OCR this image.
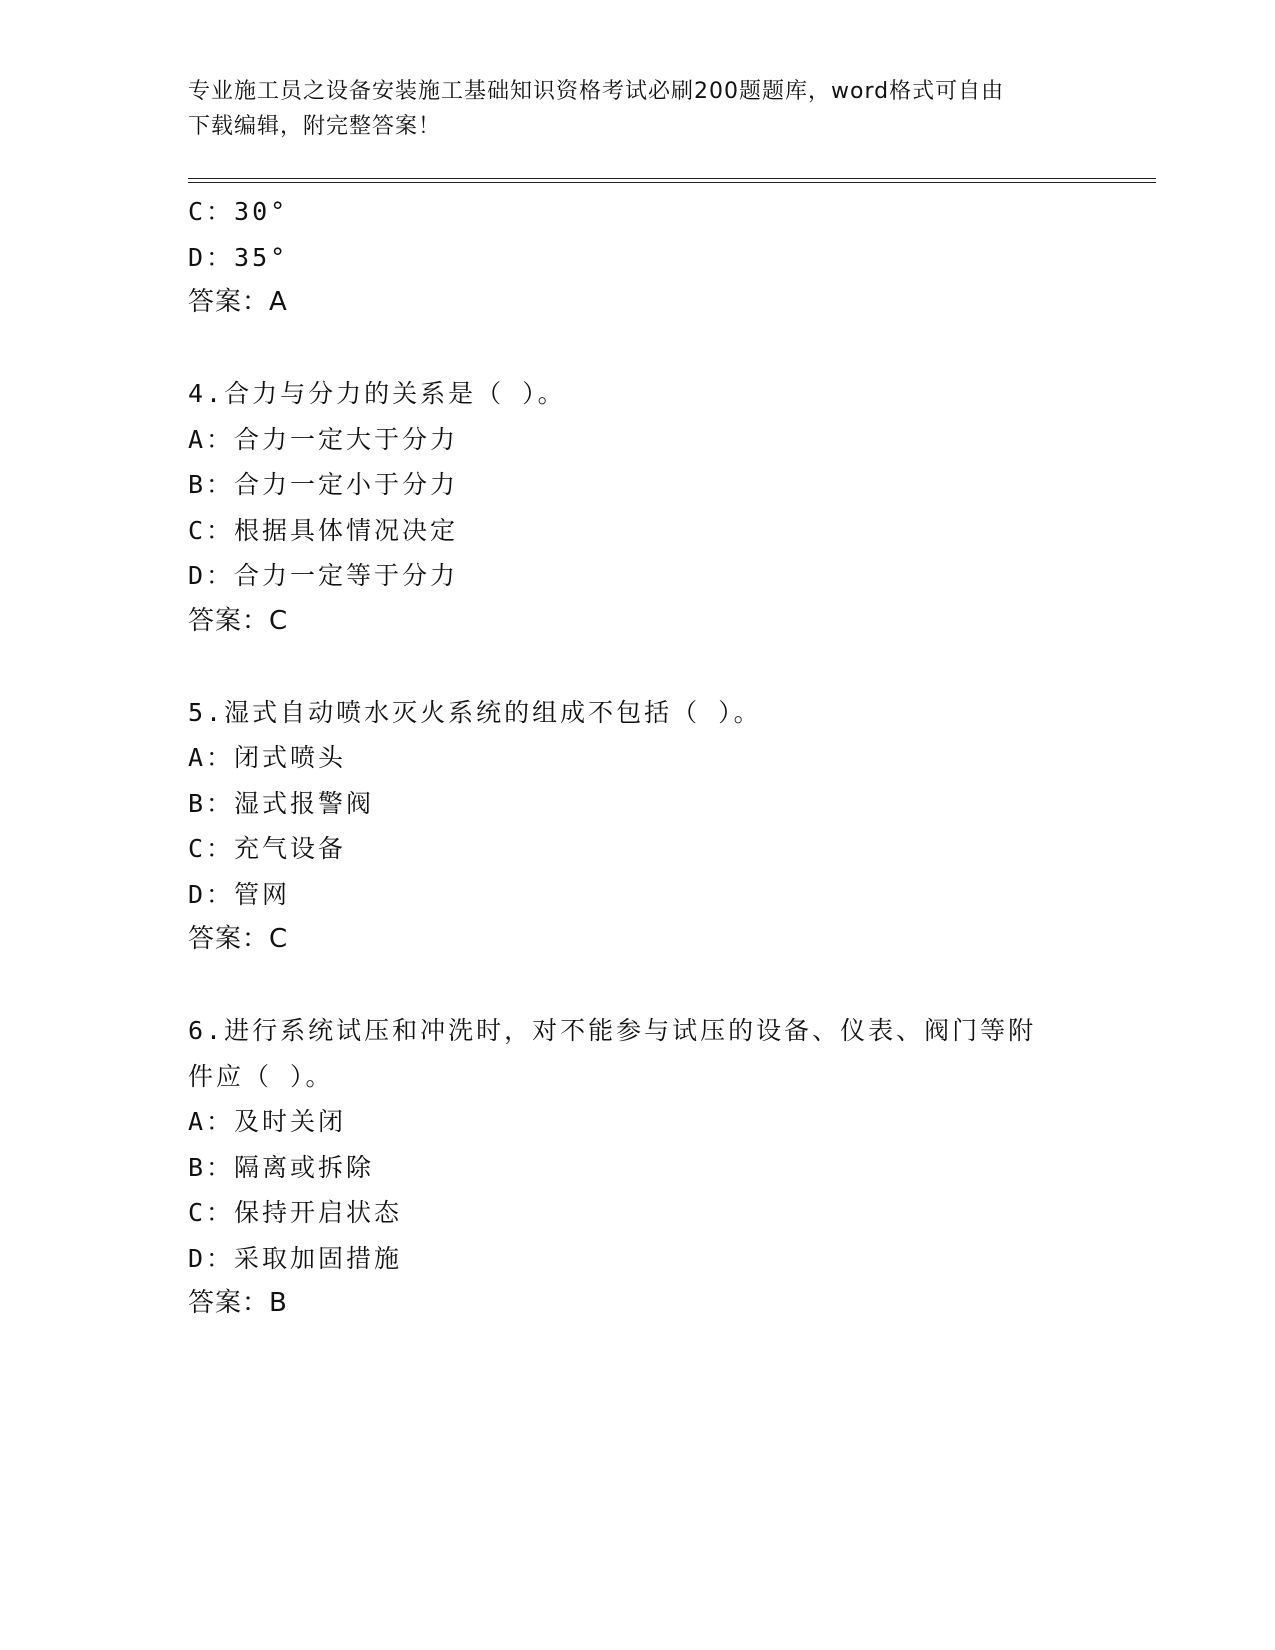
专业施工员之设备安装施工基础知识资格考试必刷200题题库，word格式可自由
下载编辑，附完整答案！
C：30°
D：35°
答案：A
4.合力与分力的关系是（ ）。
A：合力一定大于分力
B：合力一定小于分力
C：根据具体情况决定
D：合力一定等于分力
答案：C
5.湿式自动喷水灭火系统的组成不包括（ ）。
A：闭式喷头
B：湿式报警阀
C：充气设备
D：管网
答案：C
6.进行系统试压和冲洗时，对不能参与试压的设备、仪表、阀门等附
件应（ ）。
A：及时关闭
B：隔离或拆除
C：保持开启状态
D：采取加固措施
答案：B
